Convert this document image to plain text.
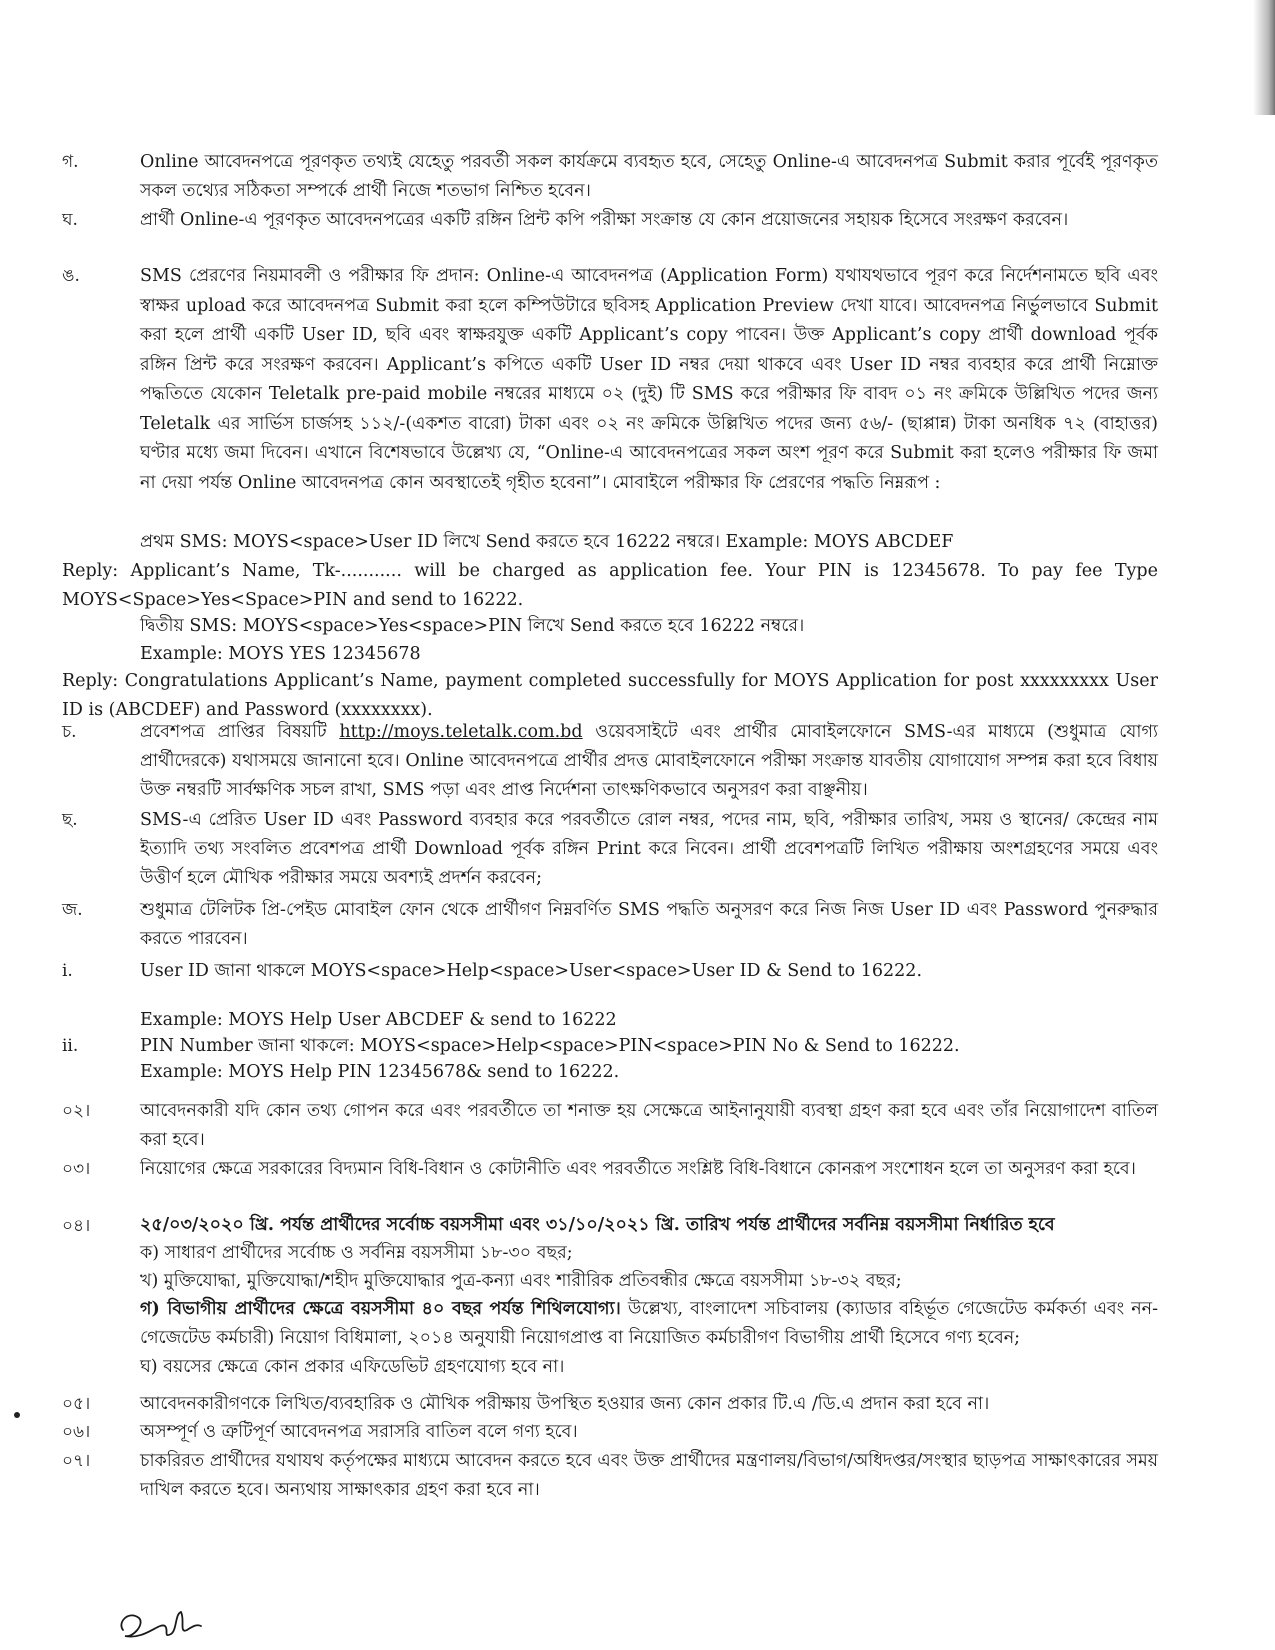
গ.	Online আবেদনপত্রে পূরণকৃত তথ্যই যেহেতু পরবর্তী সকল কার্যক্রমে ব্যবহৃত হবে, সেহেতু Online-এ আবেদনপত্র Submit করার পূর্বেই পূরণকৃত সকল তথ্যের সঠিকতা সম্পর্কে প্রার্থী নিজে শতভাগ নিশ্চিত হবেন।
ঘ.	প্রার্থী Online-এ পূরণকৃত আবেদনপত্রের একটি রঙ্গিন প্রিন্ট কপি পরীক্ষা সংক্রান্ত যে কোন প্রয়োজনের সহায়ক হিসেবে সংরক্ষণ করবেন।
ঙ.	SMS প্রেরণের নিয়মাবলী ও পরীক্ষার ফি প্রদান: Online-এ আবেদনপত্র (Application Form) যথাযথভাবে পূরণ করে নির্দেশনামতে ছবি এবং স্বাক্ষর upload করে আবেদনপত্র Submit করা হলে কম্পিউটারে ছবিসহ Application Preview দেখা যাবে। আবেদনপত্র নির্ভুলভাবে Submit করা হলে প্রার্থী একটি User ID, ছবি এবং স্বাক্ষরযুক্ত একটি Applicant’s copy পাবেন। উক্ত Applicant’s copy প্রার্থী download পূর্বক রঙ্গিন প্রিন্ট করে সংরক্ষণ করবেন। Applicant’s কপিতে একটি User ID নম্বর দেয়া থাকবে এবং User ID নম্বর ব্যবহার করে প্রার্থী নিম্নোক্ত পদ্ধতিতে যেকোন Teletalk pre-paid mobile নম্বরের মাধ্যমে ০২ (দুই) টি SMS করে পরীক্ষার ফি বাবদ ০১ নং ক্রমিকে উল্লিখিত পদের জন্য Teletalk এর সার্ভিস চার্জসহ ১১২/-(একশত বারো) টাকা এবং ০২ নং ক্রমিকে উল্লিখিত পদের জন্য ৫৬/- (ছাপ্পান্ন) টাকা অনধিক ৭২ (বাহাত্তর) ঘণ্টার মধ্যে জমা দিবেন। এখানে বিশেষভাবে উল্লেখ্য যে, “Online-এ আবেদনপত্রের সকল অংশ পূরণ করে Submit করা হলেও পরীক্ষার ফি জমা না দেয়া পর্যন্ত Online আবেদনপত্র কোন অবস্থাতেই গৃহীত হবেনা”। মোবাইলে পরীক্ষার ফি প্রেরণের পদ্ধতি নিম্নরূপ :
প্রথম SMS: MOYS<space>User ID লিখে Send করতে হবে 16222 নম্বরে। Example: MOYS ABCDEF
Reply: Applicant’s Name, Tk-........... will be charged as application fee. Your PIN is 12345678. To pay fee Type MOYS<Space>Yes<Space>PIN and send to 16222.
দ্বিতীয় SMS: MOYS<space>Yes<space>PIN লিখে Send করতে হবে 16222 নম্বরে।
Example: MOYS YES 12345678
Reply: Congratulations Applicant’s Name, payment completed successfully for MOYS Application for post xxxxxxxxx User ID is (ABCDEF) and Password (xxxxxxxx).
চ.	প্রবেশপত্র প্রাপ্তির বিষয়টি http://moys.teletalk.com.bd ওয়েবসাইটে এবং প্রার্থীর মোবাইলফোনে SMS-এর মাধ্যমে (শুধুমাত্র যোগ্য প্রার্থীদেরকে) যথাসময়ে জানানো হবে। Online আবেদনপত্রে প্রার্থীর প্রদত্ত মোবাইলফোনে পরীক্ষা সংক্রান্ত যাবতীয় যোগাযোগ সম্পন্ন করা হবে বিধায় উক্ত নম্বরটি সার্বক্ষণিক সচল রাখা, SMS পড়া এবং প্রাপ্ত নির্দেশনা তাৎক্ষণিকভাবে অনুসরণ করা বাঞ্ছনীয়।
ছ.	SMS-এ প্রেরিত User ID এবং Password ব্যবহার করে পরবর্তীতে রোল নম্বর, পদের নাম, ছবি, পরীক্ষার তারিখ, সময় ও স্থানের/ কেন্দ্রের নাম ইত্যাদি তথ্য সংবলিত প্রবেশপত্র প্রার্থী Download পূর্বক রঙ্গিন Print করে নিবেন। প্রার্থী প্রবেশপত্রটি লিখিত পরীক্ষায় অংশগ্রহণের সময়ে এবং উত্তীর্ণ হলে মৌখিক পরীক্ষার সময়ে অবশ্যই প্রদর্শন করবেন;
জ.	শুধুমাত্র টেলিটক প্রি-পেইড মোবাইল ফোন থেকে প্রার্থীগণ নিম্নবর্ণিত SMS পদ্ধতি অনুসরণ করে নিজ নিজ User ID এবং Password পুনরুদ্ধার করতে পারবেন।
i.	User ID জানা থাকলে MOYS<space>Help<space>User<space>User ID & Send to 16222.
Example: MOYS Help User ABCDEF & send to 16222
ii.	PIN Number জানা থাকলে: MOYS<space>Help<space>PIN<space>PIN No & Send to 16222.
Example: MOYS Help PIN 12345678& send to 16222.
০২।	আবেদনকারী যদি কোন তথ্য গোপন করে এবং পরবর্তীতে তা শনাক্ত হয় সেক্ষেত্রে আইনানুযায়ী ব্যবস্থা গ্রহণ করা হবে এবং তাঁর নিয়োগাদেশ বাতিল করা হবে।
০৩।	নিয়োগের ক্ষেত্রে সরকারের বিদ্যমান বিধি-বিধান ও কোটানীতি এবং পরবর্তীতে সংশ্লিষ্ট বিধি-বিধানে কোনরূপ সংশোধন হলে তা অনুসরণ করা হবে।
০৪।	২৫/০৩/২০২০ খ্রি. পর্যন্ত প্রার্থীদের সর্বোচ্চ বয়সসীমা এবং ৩১/১০/২০২১ খ্রি. তারিখ পর্যন্ত প্রার্থীদের সর্বনিম্ন বয়সসীমা নির্ধারিত হবে
ক) সাধারণ প্রার্থীদের সর্বোচ্চ ও সর্বনিম্ন বয়সসীমা ১৮-৩০ বছর;
খ) মুক্তিযোদ্ধা, মুক্তিযোদ্ধা/শহীদ মুক্তিযোদ্ধার পুত্র-কন্যা এবং শারীরিক প্রতিবন্ধীর ক্ষেত্রে বয়সসীমা ১৮-৩২ বছর;
গ) বিভাগীয় প্রার্থীদের ক্ষেত্রে বয়সসীমা ৪০ বছর পর্যন্ত শিথিলযোগ্য। উল্লেখ্য, বাংলাদেশ সচিবালয় (ক্যাডার বহির্ভূত গেজেটেড কর্মকর্তা এবং নন-গেজেটেড কর্মচারী) নিয়োগ বিধিমালা, ২০১৪ অনুযায়ী নিয়োগপ্রাপ্ত বা নিয়োজিত কর্মচারীগণ বিভাগীয় প্রার্থী হিসেবে গণ্য হবেন;
ঘ) বয়সের ক্ষেত্রে কোন প্রকার এফিডেভিট গ্রহণযোগ্য হবে না।
০৫।	আবেদনকারীগণকে লিখিত/ব্যবহারিক ও মৌখিক পরীক্ষায় উপস্থিত হওয়ার জন্য কোন প্রকার টি.এ /ডি.এ প্রদান করা হবে না।
০৬।	অসম্পূর্ণ ও ত্রুটিপূর্ণ আবেদনপত্র সরাসরি বাতিল বলে গণ্য হবে।
০৭।	চাকরিরত প্রার্থীদের যথাযথ কর্তৃপক্ষের মাধ্যমে আবেদন করতে হবে এবং উক্ত প্রার্থীদের মন্ত্রণালয়/বিভাগ/অধিদপ্তর/সংস্থার ছাড়পত্র সাক্ষাৎকারের সময় দাখিল করতে হবে। অন্যথায় সাক্ষাৎকার গ্রহণ করা হবে না।
